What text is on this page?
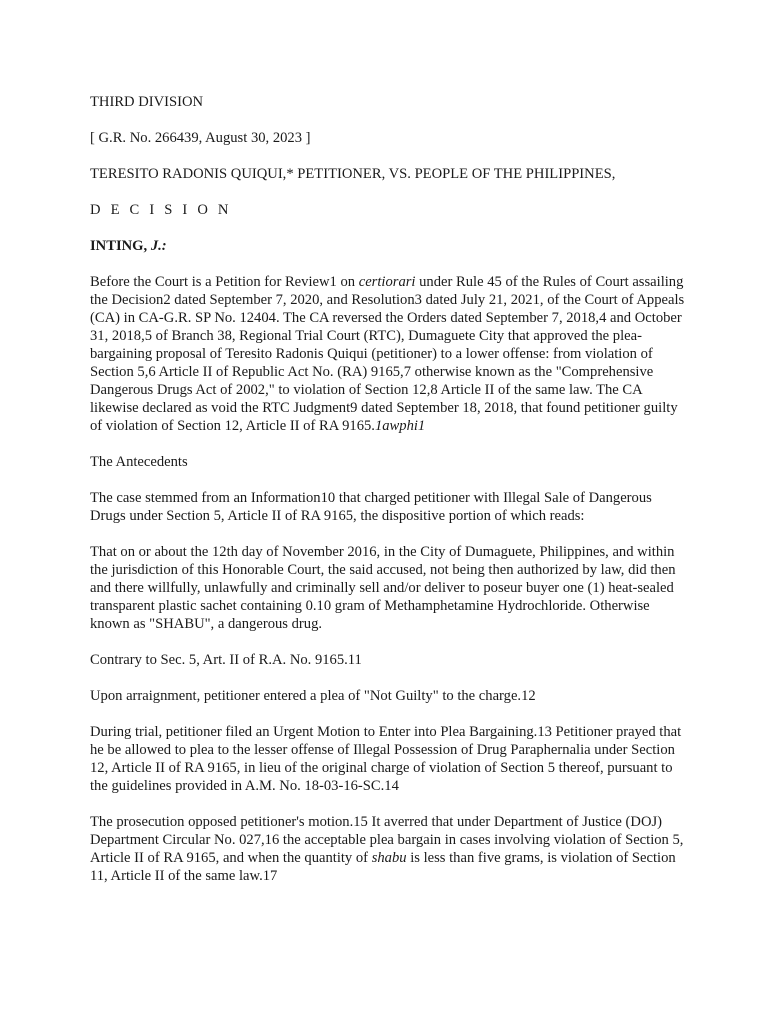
THIRD DIVISION

[ G.R. No. 266439, August 30, 2023 ]

TERESITO RADONIS QUIQUI,* PETITIONER, VS. PEOPLE OF THE PHILIPPINES,

D E C I S I O N

INTING, J.:

Before the Court is a Petition for Review1 on certiorari under Rule 45 of the Rules of Court assailing the Decision2 dated September 7, 2020, and Resolution3 dated July 21, 2021, of the Court of Appeals (CA) in CA-G.R. SP No. 12404. The CA reversed the Orders dated September 7, 2018,4 and October 31, 2018,5 of Branch 38, Regional Trial Court (RTC), Dumaguete City that approved the plea-bargaining proposal of Teresito Radonis Quiqui (petitioner) to a lower offense: from violation of Section 5,6 Article II of Republic Act No. (RA) 9165,7 otherwise known as the "Comprehensive Dangerous Drugs Act of 2002," to violation of Section 12,8 Article II of the same law. The CA likewise declared as void the RTC Judgment9 dated September 18, 2018, that found petitioner guilty of violation of Section 12, Article II of RA 9165.1awphi1

The Antecedents

The case stemmed from an Information10 that charged petitioner with Illegal Sale of Dangerous Drugs under Section 5, Article II of RA 9165, the dispositive portion of which reads:

That on or about the 12th day of November 2016, in the City of Dumaguete, Philippines, and within the jurisdiction of this Honorable Court, the said accused, not being then authorized by law, did then and there willfully, unlawfully and criminally sell and/or deliver to poseur buyer one (1) heat-sealed transparent plastic sachet containing 0.10 gram of Methamphetamine Hydrochloride. Otherwise known as "SHABU", a dangerous drug.

Contrary to Sec. 5, Art. II of R.A. No. 9165.11

Upon arraignment, petitioner entered a plea of "Not Guilty" to the charge.12

During trial, petitioner filed an Urgent Motion to Enter into Plea Bargaining.13 Petitioner prayed that he be allowed to plea to the lesser offense of Illegal Possession of Drug Paraphernalia under Section 12, Article II of RA 9165, in lieu of the original charge of violation of Section 5 thereof, pursuant to the guidelines provided in A.M. No. 18-03-16-SC.14

The prosecution opposed petitioner's motion.15 It averred that under Department of Justice (DOJ) Department Circular No. 027,16 the acceptable plea bargain in cases involving violation of Section 5, Article II of RA 9165, and when the quantity of shabu is less than five grams, is violation of Section 11, Article II of the same law.17
